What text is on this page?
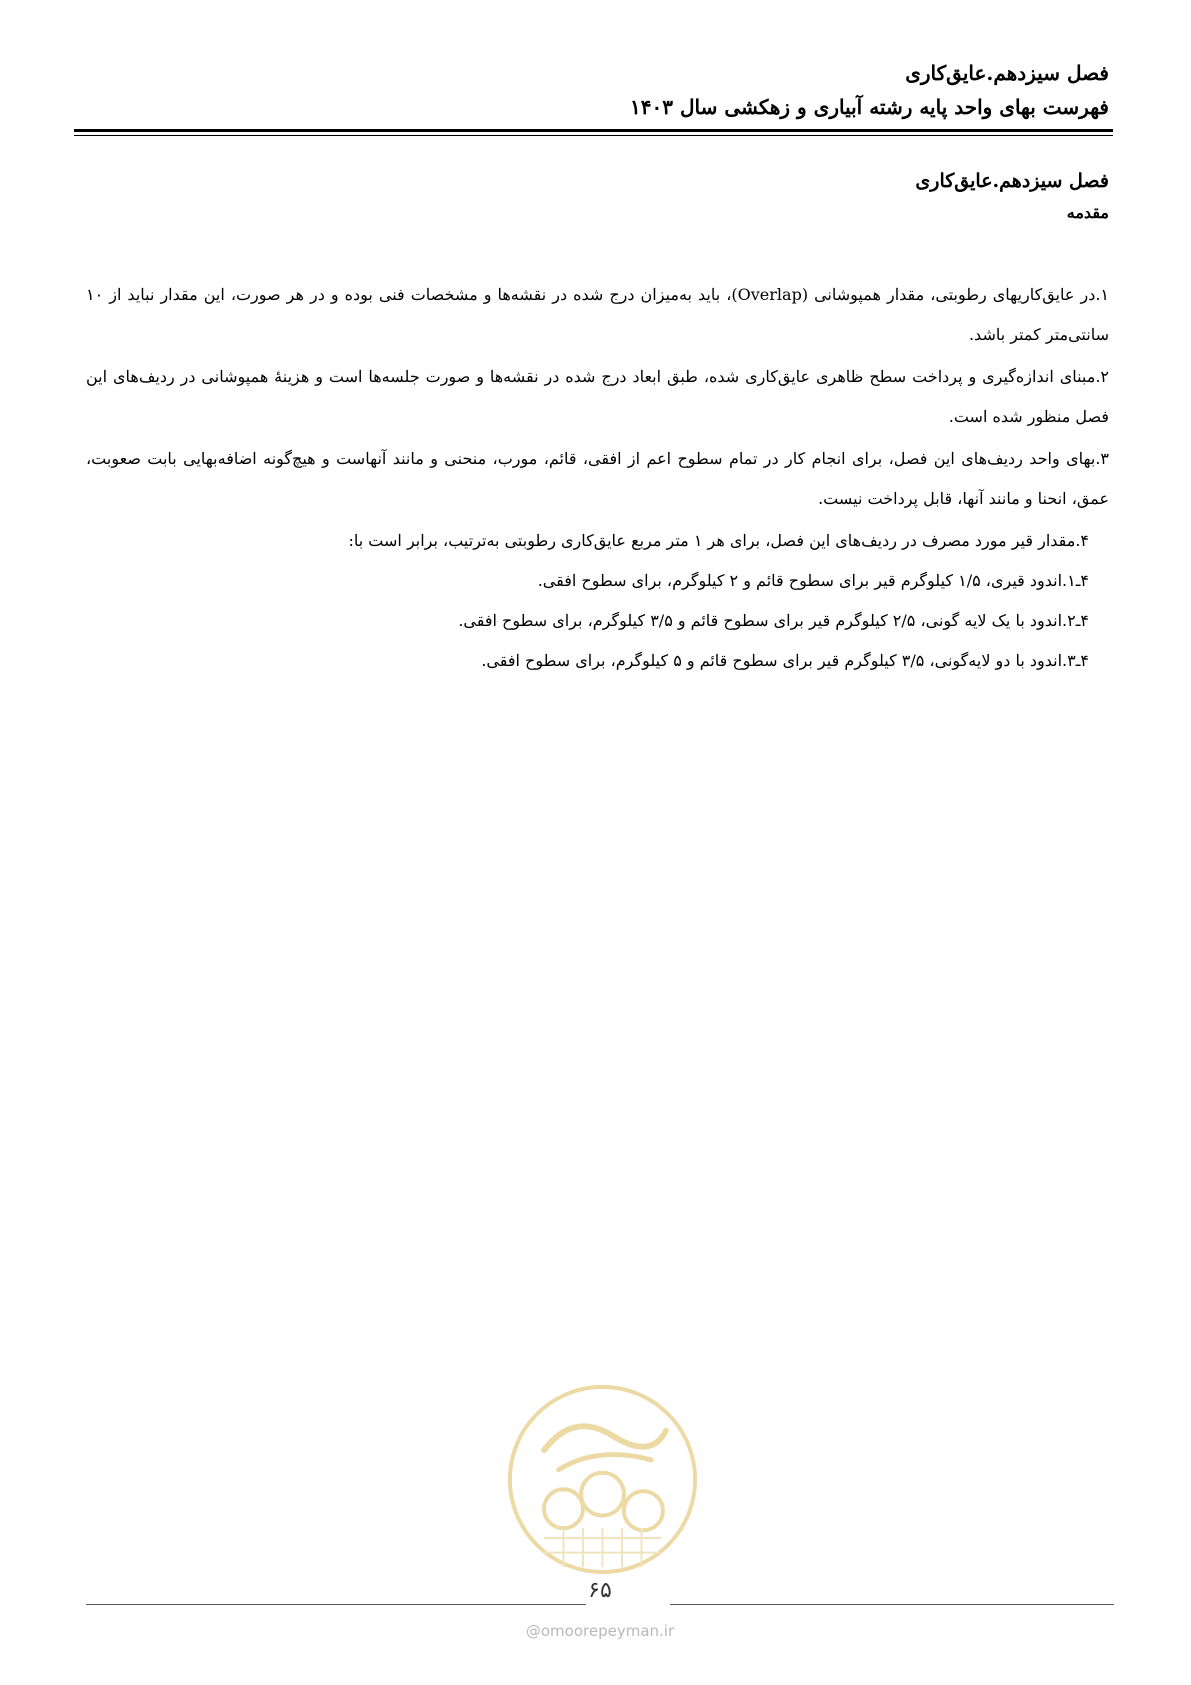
فصل سیزدهم.عایق‌کاری
فهرست بهای واحد پایه رشته آبیاری و زهکشی سال ۱۴۰۳
فصل سیزدهم.عایق‌کاری
مقدمه

۱.در عایق‌کاریهای رطوبتی، مقدار همپوشانی (Overlap)، باید به‌میزان درج شده در نقشه‌ها و مشخصات فنی بوده و در هر صورت، این مقدار نباید از ۱۰ سانتی‌متر کمتر باشد.

۲.مبنای اندازه‌گیری و پرداخت سطح ظاهری عایق‌کاری شده، طبق ابعاد درج شده در نقشه‌ها و صورت جلسه‌ها است و هزینهٔ همپوشانی در ردیف‌های این فصل منظور شده است.

۳.بهای واحد ردیف‌های این فصل، برای انجام کار در تمام سطوح اعم از افقی، قائم، مورب، منحنی و مانند آنهاست و هیچ‌گونه اضافه‌بهایی بابت صعوبت، عمق، انحنا و مانند آنها، قابل پرداخت نیست.

۴.مقدار قیر مورد مصرف در ردیف‌های این فصل، برای هر ۱ متر مربع عایق‌کاری رطوبتی به‌ترتیب، برابر است با:
۴ـ۱.اندود قیری، ۱/۵ کیلوگرم قیر برای سطوح قائم و ۲ کیلوگرم، برای سطوح افقی.
۴ـ۲.اندود با یک لایه گونی، ۲/۵ کیلوگرم قیر برای سطوح قائم و ۳/۵ کیلوگرم، برای سطوح افقی.
۴ـ۳.اندود با دو لایه‌گونی، ۳/۵ کیلوگرم قیر برای سطوح قائم و ۵ کیلوگرم، برای سطوح افقی.
۶۵
@omoorepeyman.ir
